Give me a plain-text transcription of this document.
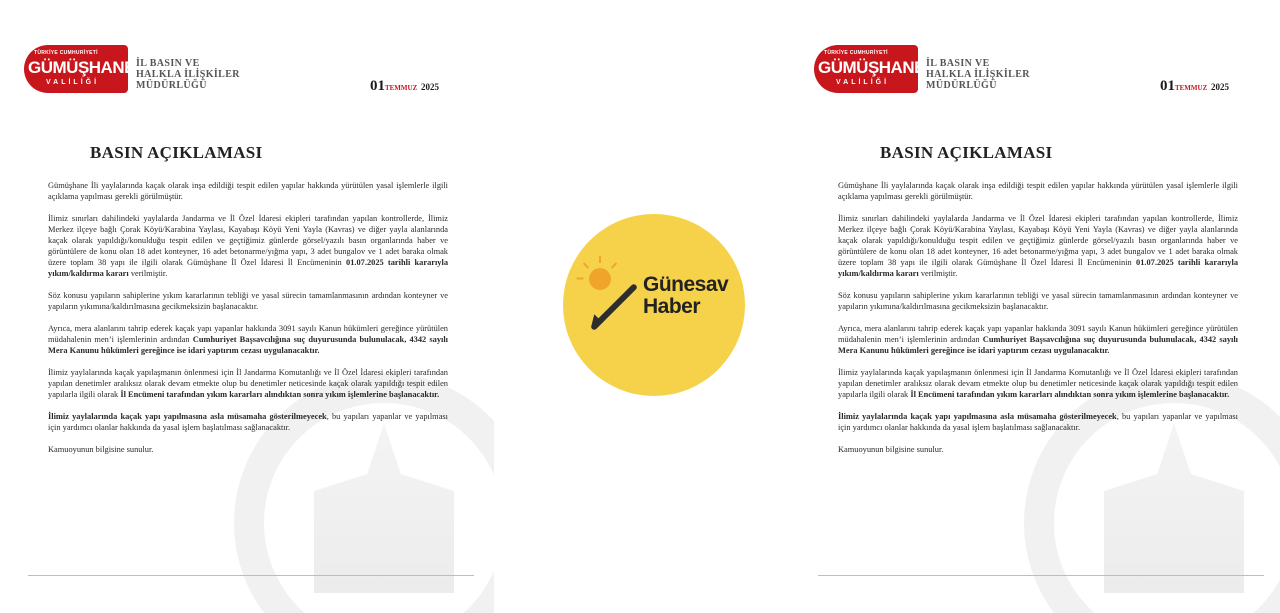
TÜRKİYE CUMHURİYETİ
GÜMÜŞHANE
VALİLİĞİ
İL BASIN VE
HALKLA İLİŞKİLER
MÜDÜRLÜĞÜ	01TEMMUZ 2025
BASIN AÇIKLAMASI

Gümüşhane İli yaylalarında kaçak olarak inşa edildiği tespit edilen yapılar hakkında yürütülen yasal işlemlerle ilgili açıklama yapılması gerekli görülmüştür.

İlimiz sınırları dahilindeki yaylalarda Jandarma ve İl Özel İdaresi ekipleri tarafından yapılan kontrollerde, İlimiz Merkez ilçeye bağlı Çorak Köyü/Karabina Yaylası, Kayabaşı Köyü Yeni Yayla (Kavras) ve diğer yayla alanlarında kaçak olarak yapıldığı/konulduğu tespit edilen ve geçtiğimiz günlerde görsel/yazılı basın organlarında haber ve görüntülere de konu olan 18 adet konteyner, 16 adet betonarme/yığma yapı, 3 adet bungalov ve 1 adet baraka olmak üzere toplam 38 yapı ile ilgili olarak Gümüşhane İl Özel İdaresi İl Encümeninin 01.07.2025 tarihli kararıyla yıkım/kaldırma kararı verilmiştir.

Söz konusu yapıların sahiplerine yıkım kararlarının tebliği ve yasal sürecin tamamlanmasının ardından konteyner ve yapıların yıkımına/kaldırılmasına gecikmeksizin başlanacaktır.

Ayrıca, mera alanlarını tahrip ederek kaçak yapı yapanlar hakkında 3091 sayılı Kanun hükümleri gereğince yürütülen müdahalenin men’i işlemlerinin ardından Cumhuriyet Başsavcılığına suç duyurusunda bulunulacak, 4342 sayılı Mera Kanunu hükümleri gereğince ise idari yaptırım cezası uygulanacaktır.

İlimiz yaylalarında kaçak yapılaşmanın önlenmesi için İl Jandarma Komutanlığı ve İl Özel İdaresi ekipleri tarafından yapılan denetimler aralıksız olarak devam etmekte olup bu denetimler neticesinde kaçak olarak yapıldığı tespit edilen yapılarla ilgili olarak İl Encümeni tarafından yıkım kararları alındıktan sonra yıkım işlemlerine başlanacaktır.

İlimiz yaylalarında kaçak yapı yapılmasına asla müsamaha gösterilmeyecek, bu yapıları yapanlar ve yapılması için yardımcı olanlar hakkında da yasal işlem başlatılması sağlanacaktır.

Kamuoyunun bilgisine sunulur.

Günesav
Haber
TÜRKİYE CUMHURİYETİ
GÜMÜŞHANE
VALİLİĞİ
İL BASIN VE
HALKLA İLİŞKİLER
MÜDÜRLÜĞÜ	01TEMMUZ 2025
BASIN AÇIKLAMASI

Gümüşhane İli yaylalarında kaçak olarak inşa edildiği tespit edilen yapılar hakkında yürütülen yasal işlemlerle ilgili açıklama yapılması gerekli görülmüştür.

İlimiz sınırları dahilindeki yaylalarda Jandarma ve İl Özel İdaresi ekipleri tarafından yapılan kontrollerde, İlimiz Merkez ilçeye bağlı Çorak Köyü/Karabina Yaylası, Kayabaşı Köyü Yeni Yayla (Kavras) ve diğer yayla alanlarında kaçak olarak yapıldığı/konulduğu tespit edilen ve geçtiğimiz günlerde görsel/yazılı basın organlarında haber ve görüntülere de konu olan 18 adet konteyner, 16 adet betonarme/yığma yapı, 3 adet bungalov ve 1 adet baraka olmak üzere toplam 38 yapı ile ilgili olarak Gümüşhane İl Özel İdaresi İl Encümeninin 01.07.2025 tarihli kararıyla yıkım/kaldırma kararı verilmiştir.

Söz konusu yapıların sahiplerine yıkım kararlarının tebliği ve yasal sürecin tamamlanmasının ardından konteyner ve yapıların yıkımına/kaldırılmasına gecikmeksizin başlanacaktır.

Ayrıca, mera alanlarını tahrip ederek kaçak yapı yapanlar hakkında 3091 sayılı Kanun hükümleri gereğince yürütülen müdahalenin men’i işlemlerinin ardından Cumhuriyet Başsavcılığına suç duyurusunda bulunulacak, 4342 sayılı Mera Kanunu hükümleri gereğince ise idari yaptırım cezası uygulanacaktır.

İlimiz yaylalarında kaçak yapılaşmanın önlenmesi için İl Jandarma Komutanlığı ve İl Özel İdaresi ekipleri tarafından yapılan denetimler aralıksız olarak devam etmekte olup bu denetimler neticesinde kaçak olarak yapıldığı tespit edilen yapılarla ilgili olarak İl Encümeni tarafından yıkım kararları alındıktan sonra yıkım işlemlerine başlanacaktır.

İlimiz yaylalarında kaçak yapı yapılmasına asla müsamaha gösterilmeyecek, bu yapıları yapanlar ve yapılması için yardımcı olanlar hakkında da yasal işlem başlatılması sağlanacaktır.

Kamuoyunun bilgisine sunulur.
